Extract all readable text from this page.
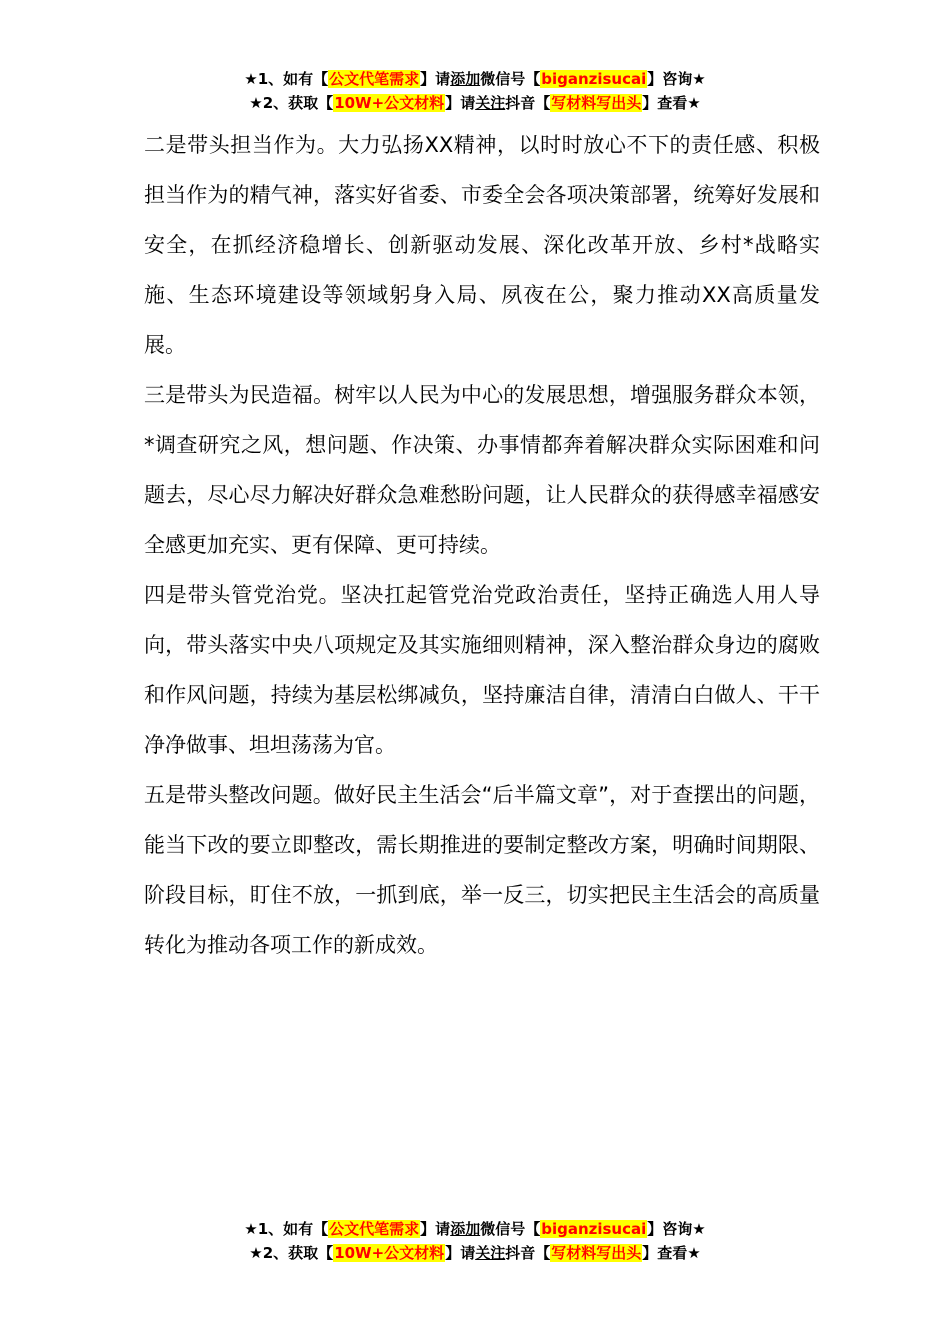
★1、如有【公文代笔需求】请添加微信号【biganzisucai】咨询★
★2、获取【10W+公文材料】请关注抖音【写材料写出头】查看★

二是带头担当作为。大力弘扬XX精神，以时时放心不下的责任感、积极担当作为的精气神，落实好省委、市委全会各项决策部署，统筹好发展和安全，在抓经济稳增长、创新驱动发展、深化改革开放、乡村*战略实施、生态环境建设等领域躬身入局、夙夜在公，聚力推动XX高质量发展。

三是带头为民造福。树牢以人民为中心的发展思想，增强服务群众本领，*调查研究之风，想问题、作决策、办事情都奔着解决群众实际困难和问题去，尽心尽力解决好群众急难愁盼问题，让人民群众的获得感幸福感安全感更加充实、更有保障、更可持续。

四是带头管党治党。坚决扛起管党治党政治责任，坚持正确选人用人导向，带头落实中央八项规定及其实施细则精神，深入整治群众身边的腐败和作风问题，持续为基层松绑减负，坚持廉洁自律，清清白白做人、干干净净做事、坦坦荡荡为官。

五是带头整改问题。做好民主生活会“后半篇文章”，对于查摆出的问题，能当下改的要立即整改，需长期推进的要制定整改方案，明确时间期限、阶段目标，盯住不放，一抓到底，举一反三，切实把民主生活会的高质量转化为推动各项工作的新成效。

★1、如有【公文代笔需求】请添加微信号【biganzisucai】咨询★
★2、获取【10W+公文材料】请关注抖音【写材料写出头】查看★
